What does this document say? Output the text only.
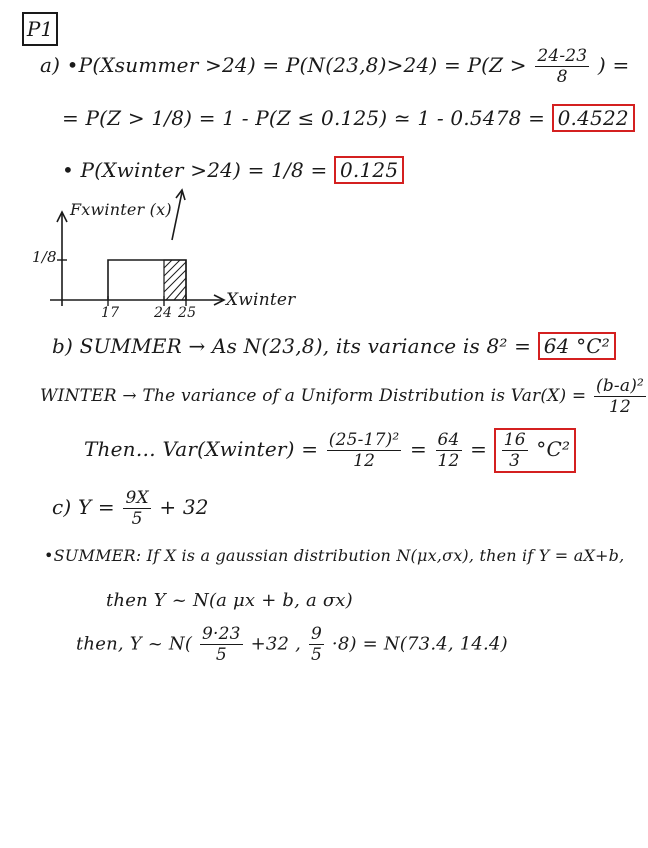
P1
a) •P(Xsummer $>24) = P(N(23,8)>24) = P(Z > \frac{24-23}{8}$ ) =
= P(Z > 1/8) = 1 - P(Z ≤ 0.125) ≃ 1 - 0.5478 = 0.4522
• P(Xwinter >24) = 1/8 = 0.125
Fxwinter (x)
1/8
Xwinter
17 24 25
b) SUMMER → As N(23,8), its variance is 8² = 64 °C²
WINTER → The variance of a Uniform Distribution is $Var(X) = \frac{\text{(b-a)²}}{12}$
Then… Var(Xwinter) = $\frac{\text{(25-17)²}}{12} = \frac{64}{12} = \frac{16}{3} ^\circ C^2$
c) $Y = \frac{9X}{5} + 32$
•SUMMER: If X is a gaussian distribution N(μx,σx), then if Y = aX+b,
then Y ~ N(a μx + b, a σx)
then, Y ~ $N( \frac{9\cdot 23}{5} +32$ , $\frac{9}{5} \cdot 8) = N(73.4$, 14.4)
